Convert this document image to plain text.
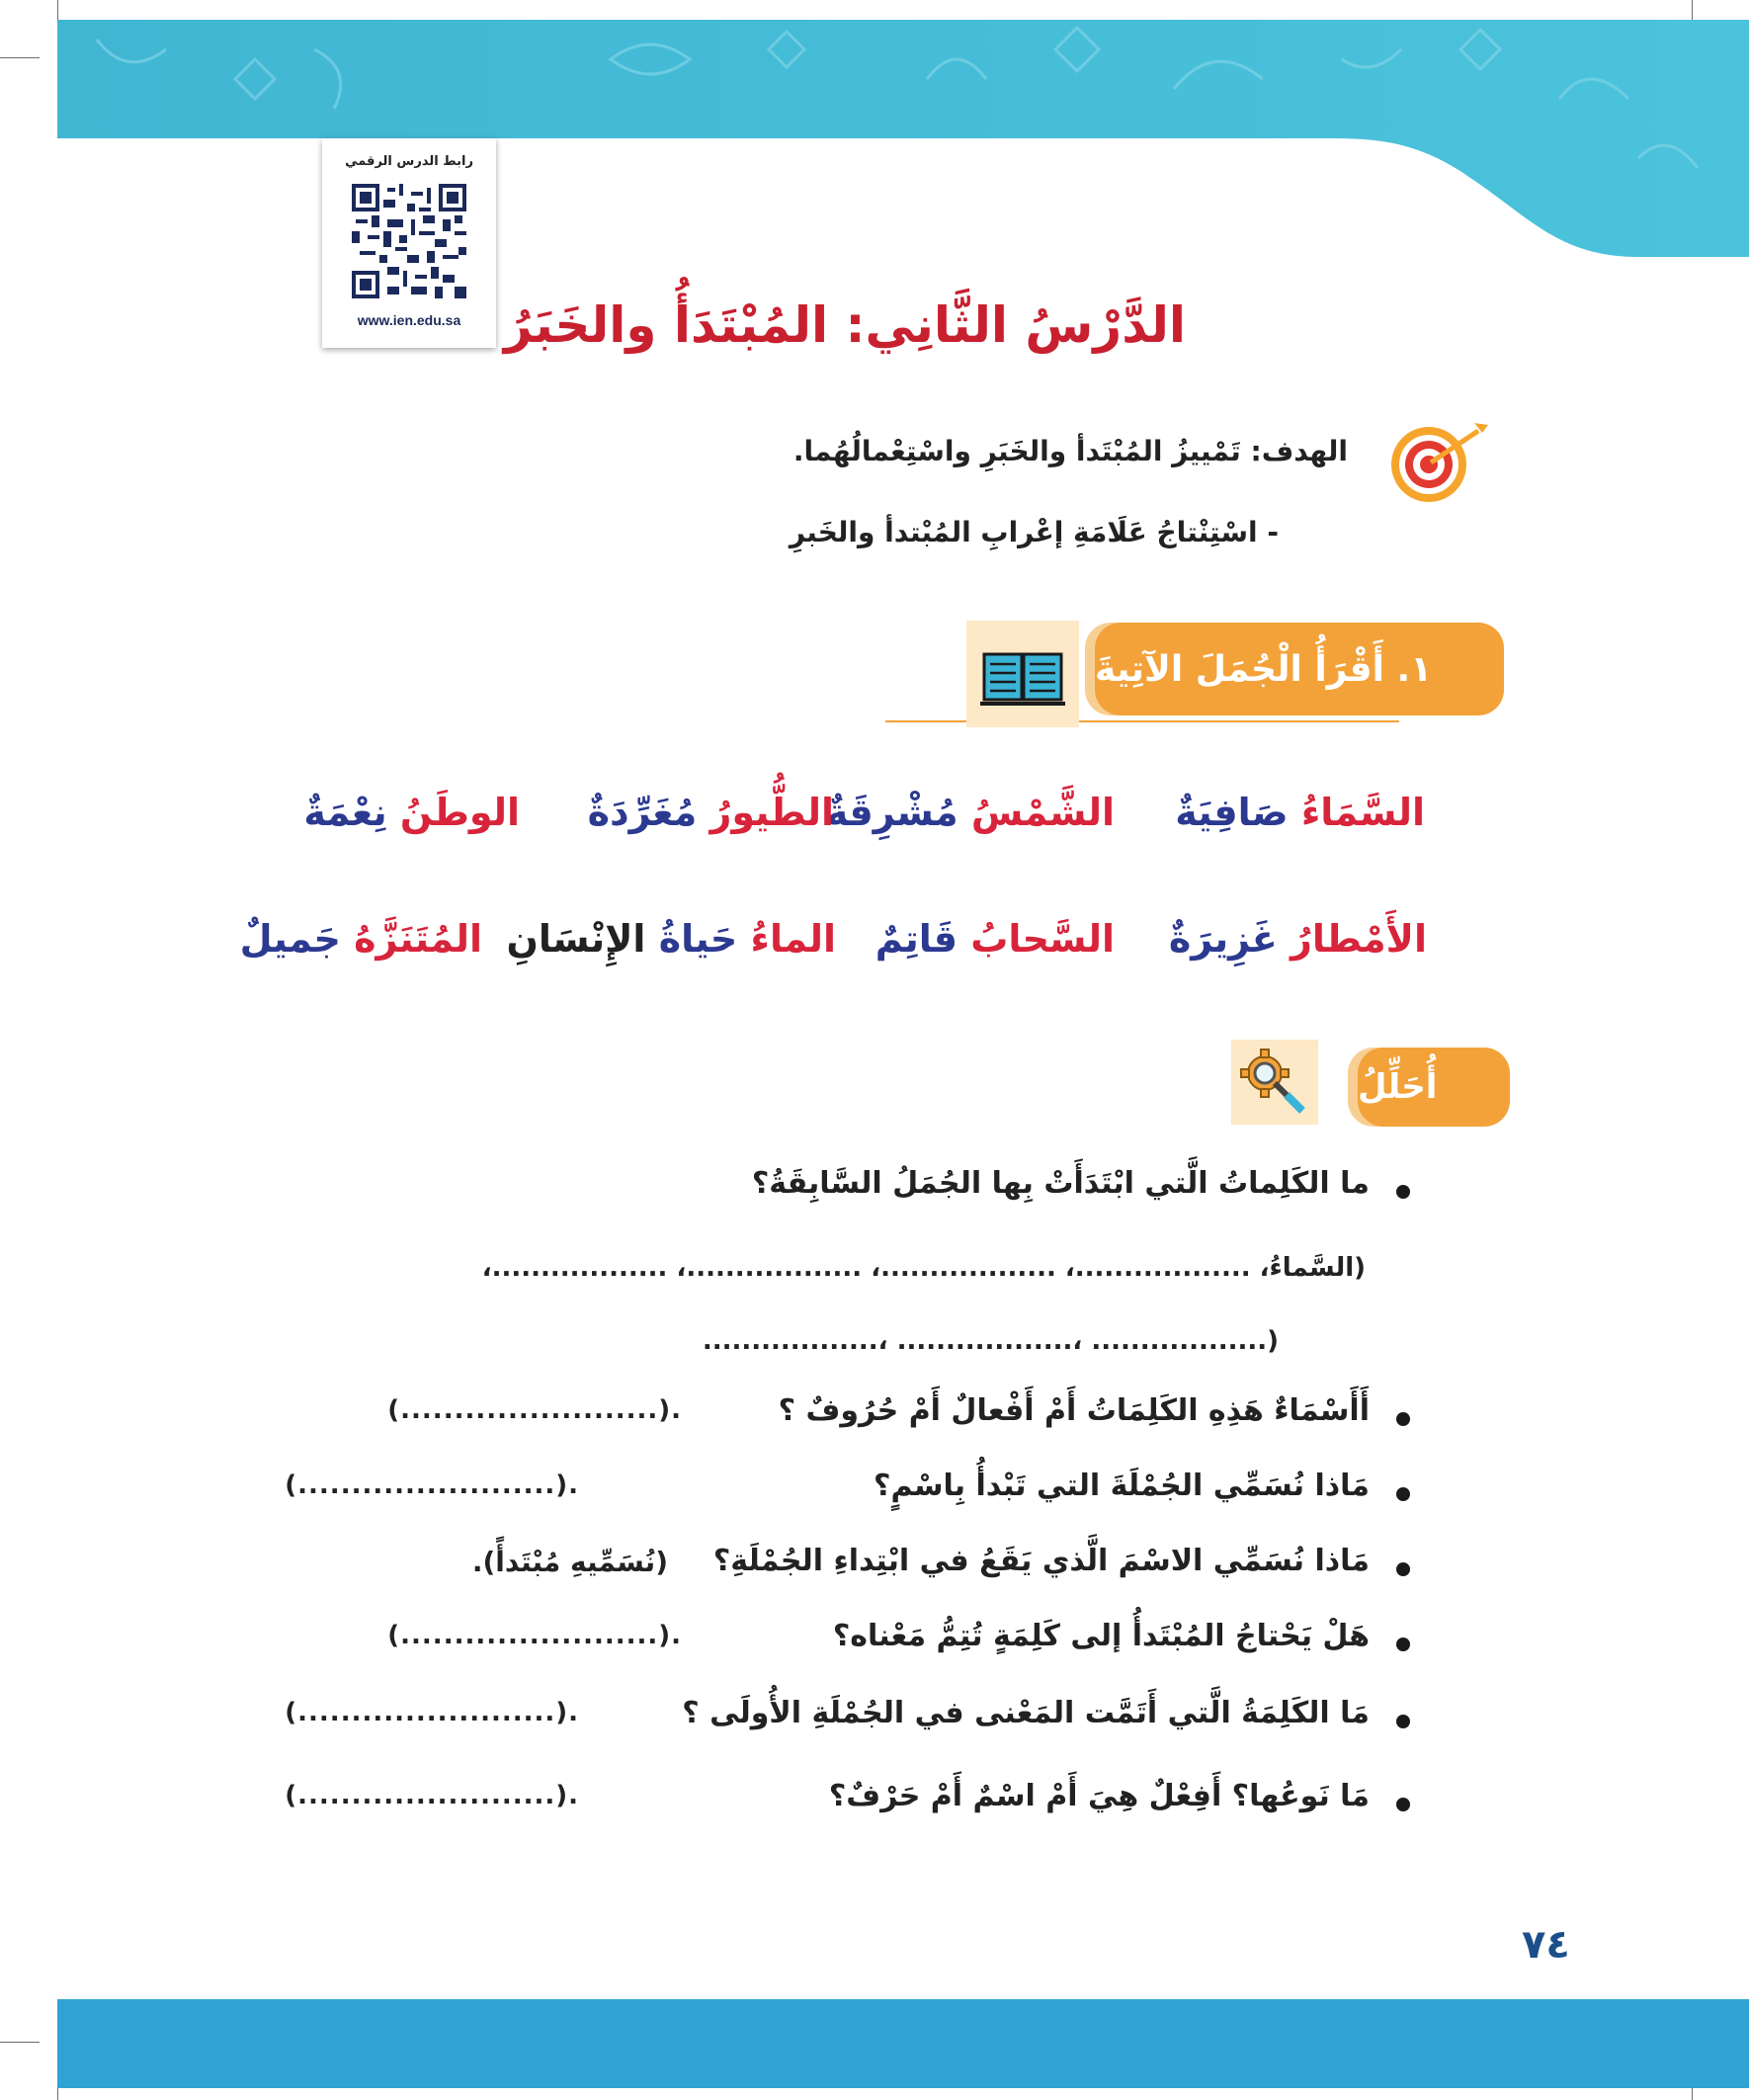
رابط الدرس الرقمي
www.ien.edu.sa الدَّرْسُ الثَّانِي: المُبْتَدَأُ والخَبَرُ
الهدف: تَمْييزُ المُبْتَدأ والخَبَرِ واسْتِعْمالُهُما.
- اسْتِنْتاجُ عَلَامَةِ إعْرابِ المُبْتدأ والخَبرِ
١. أَقْرَأُ الْجُمَلَ الآتِيةَ
السَّمَاءُ صَافِيَةٌ
الشَّمْسُ مُشْرِقَةٌ
الطُّيورُ مُغَرِّدَةٌ
الوطَنُ نِعْمَةٌ
الأَمْطارُ غَزِيرَةٌ
السَّحابُ قَاتِمٌ
الماءُ حَياةُ الإِنْسَانِ
المُتَنَزَّهُ جَميلٌ
أُحَلِّلُ
ما الكَلِماتُ الَّتي ابْتَدَأَتْ بِها الجُمَلُ السَّابِقَةُ؟
(السَّماءُ، ..................، ..................، ..................، ..................،
..................، ..................، ..................)
أَأَسْمَاءٌ هَذِهِ الكَلِمَاتُ أَمْ أَفْعالٌ أَمْ حُرُوفٌ ؟
(........................).
مَاذا نُسَمِّي الجُمْلَةَ التي تَبْدأُ بِاسْمٍ؟
(........................).
مَاذا نُسَمِّي الاسْمَ الَّذي يَقَعُ في ابْتِداءِ الجُمْلَةِ؟
(نُسَمِّيهِ مُبْتَدأً).
هَلْ يَحْتاجُ المُبْتَدأُ إلى كَلِمَةٍ تُتِمُّ مَعْناه؟
(........................).
مَا الكَلِمَةُ الَّتي أَتَمَّت المَعْنى في الجُمْلَةِ الأُولَى ؟
(........................).
مَا نَوعُها؟ أَفِعْلٌ هِيَ أَمْ اسْمٌ أَمْ حَرْفٌ؟
(........................).
٧٤
